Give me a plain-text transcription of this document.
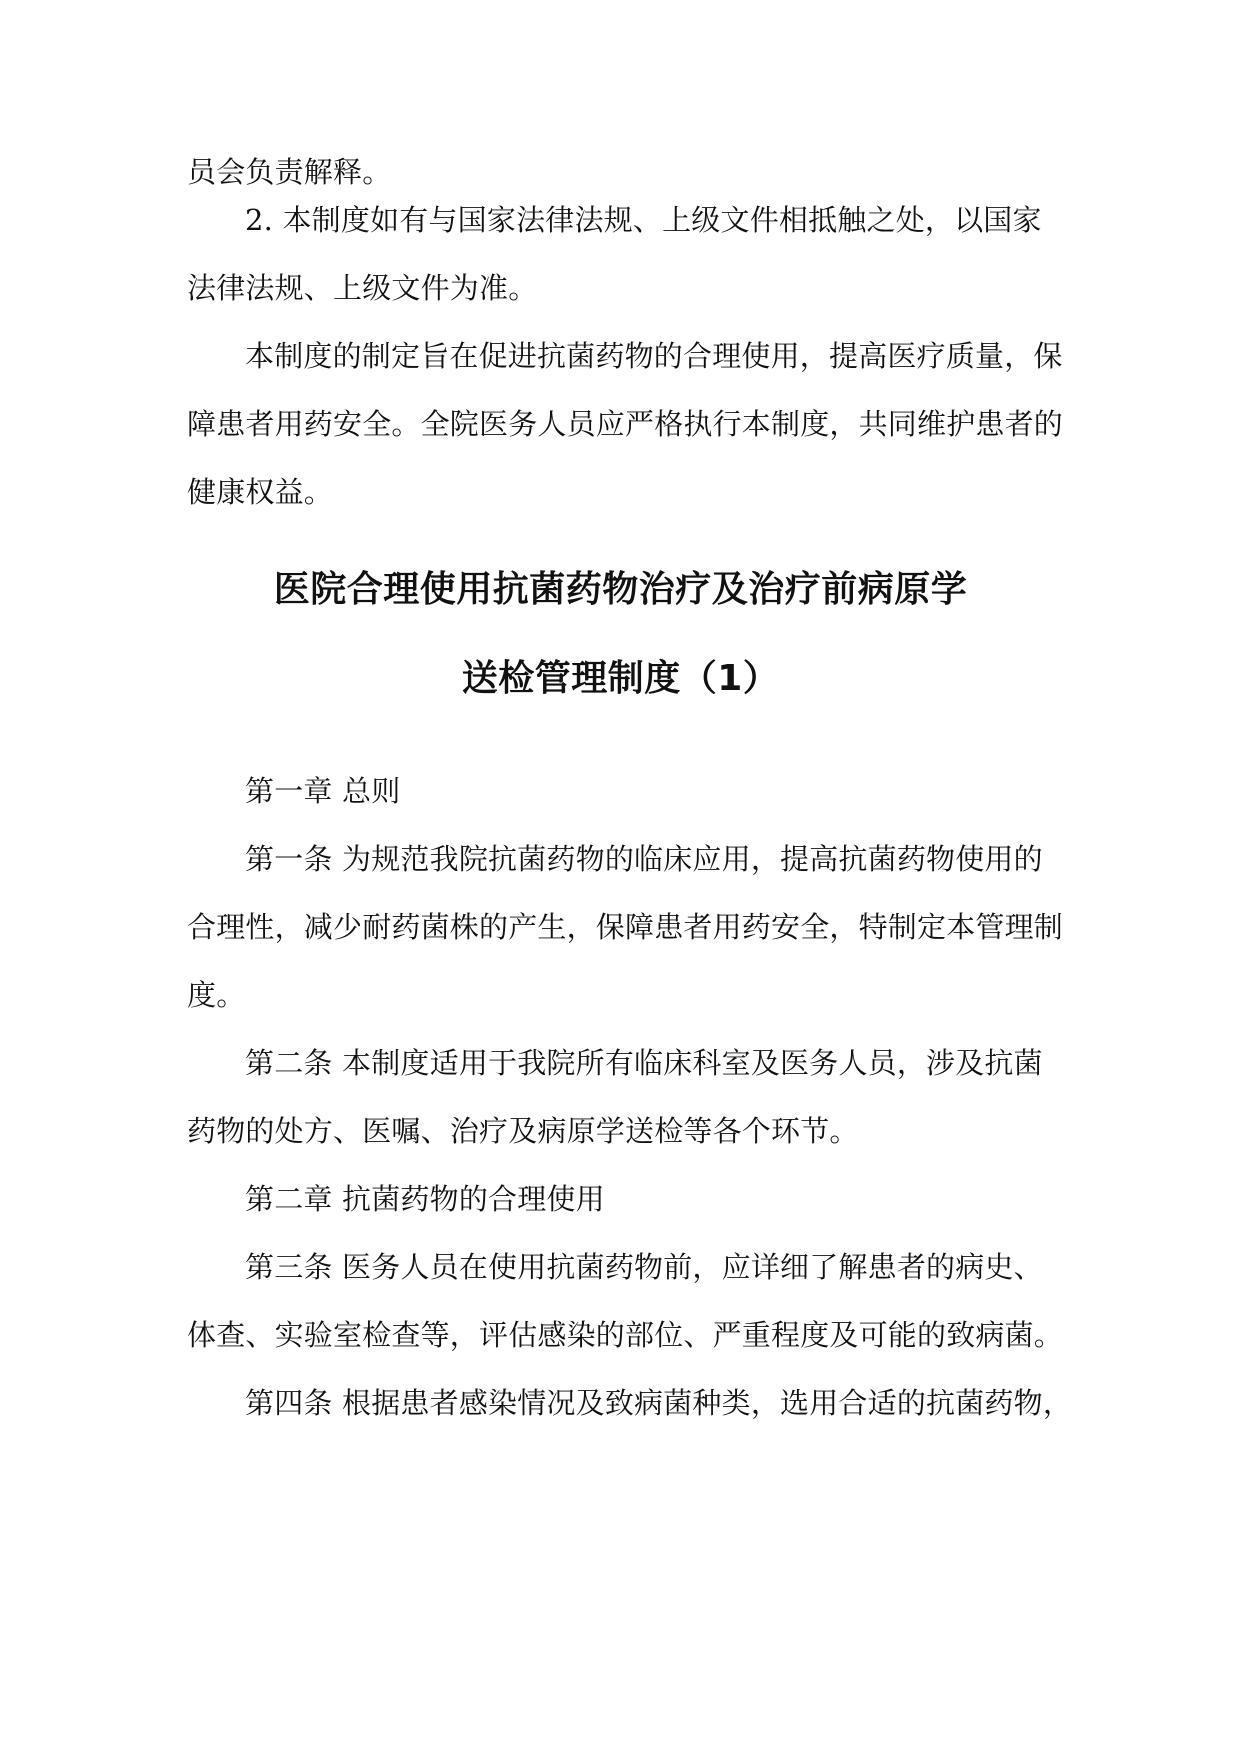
员会负责解释。
2. 本制度如有与国家法律法规、上级文件相抵触之处，以国家
法律法规、上级文件为准。
本制度的制定旨在促进抗菌药物的合理使用，提高医疗质量，保
障患者用药安全。全院医务人员应严格执行本制度，共同维护患者的
健康权益。
医院合理使用抗菌药物治疗及治疗前病原学
送检管理制度（1）
第一章 总则
第一条 为规范我院抗菌药物的临床应用，提高抗菌药物使用的
合理性，减少耐药菌株的产生，保障患者用药安全，特制定本管理制
度。
第二条 本制度适用于我院所有临床科室及医务人员，涉及抗菌
药物的处方、医嘱、治疗及病原学送检等各个环节。
第二章 抗菌药物的合理使用
第三条 医务人员在使用抗菌药物前，应详细了解患者的病史、
体查、实验室检查等，评估感染的部位、严重程度及可能的致病菌。
第四条 根据患者感染情况及致病菌种类，选用合适的抗菌药物，
